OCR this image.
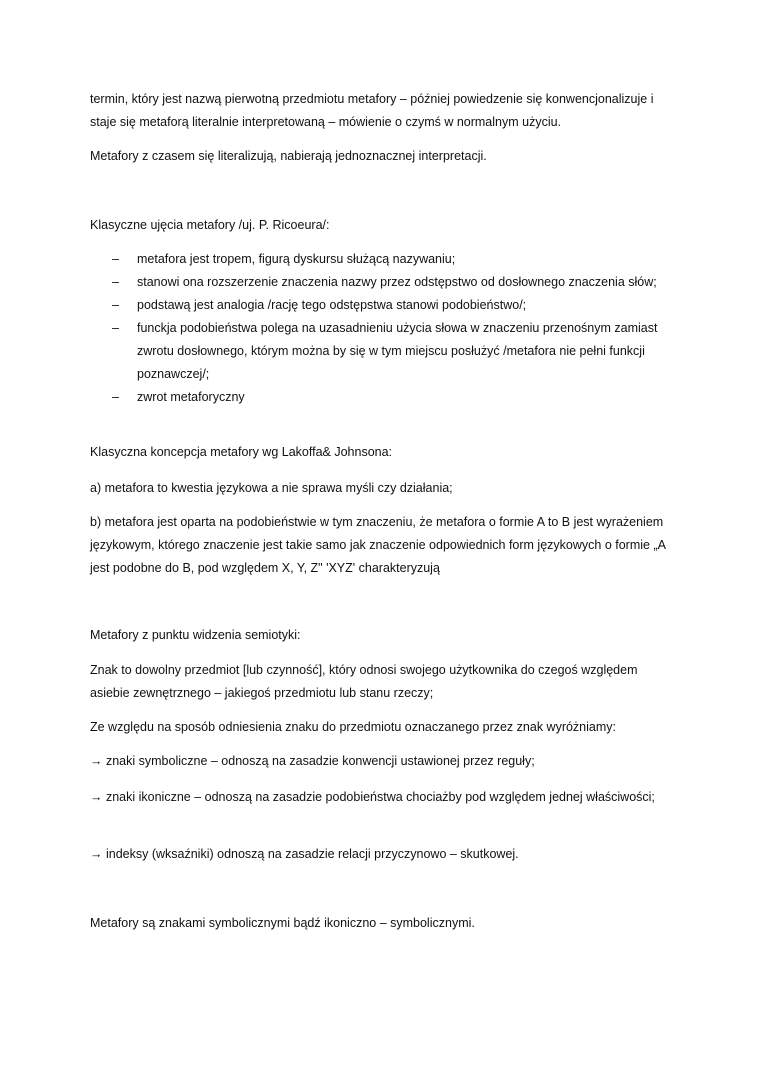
termin, który jest nazwą pierwotną przedmiotu metafory – później powiedzenie się konwencjonalizuje i staje się metaforą literalnie interpretowaną – mówienie o czymś w normalnym użyciu.

Metafory z czasem się literalizują, nabierają jednoznacznej interpretacji.

Klasyczne ujęcia metafory /uj. P. Ricoeura/:

– metafora jest tropem, figurą dyskursu służącą nazywaniu;
– stanowi ona rozszerzenie znaczenia nazwy przez odstępstwo od dosłownego znaczenia słów;
– podstawą jest analogia /rację tego odstępstwa stanowi podobieństwo/;
– funckja podobieństwa polega na uzasadnieniu użycia słowa w znaczeniu przenośnym zamiast zwrotu dosłownego, którym można by się w tym miejscu posłużyć /metafora nie pełni funkcji poznawczej/;
– zwrot metaforyczny

Klasyczna koncepcja metafory wg Lakoffa& Johnsona:

a) metafora to kwestia językowa a nie sprawa myśli czy działania;

b) metafora jest oparta na podobieństwie w tym znaczeniu, że metafora o formie A to B jest wyrażeniem językowym, którego znaczenie jest takie samo jak znaczenie odpowiednich form językowych o formie „A jest podobne do B, pod względem X, Y, Z" 'XYZ' charakteryzują

Metafory z punktu widzenia semiotyki:

Znak to dowolny przedmiot [lub czynność], który odnosi swojego użytkownika do czegoś względem asiebie zewnętrznego – jakiegoś przedmiotu lub stanu rzeczy;

Ze względu na sposób odniesienia znaku do przedmiotu oznaczanego przez znak wyróżniamy:

→ znaki symboliczne – odnoszą na zasadzie konwencji ustawionej przez reguły;

→ znaki ikoniczne – odnoszą na zasadzie podobieństwa chociażby pod względem jednej właściwości;

→ indeksy (wksaźniki) odnoszą na zasadzie relacji przyczynowo – skutkowej.

Metafory są znakami symbolicznymi bądź ikoniczno – symbolicznymi.
